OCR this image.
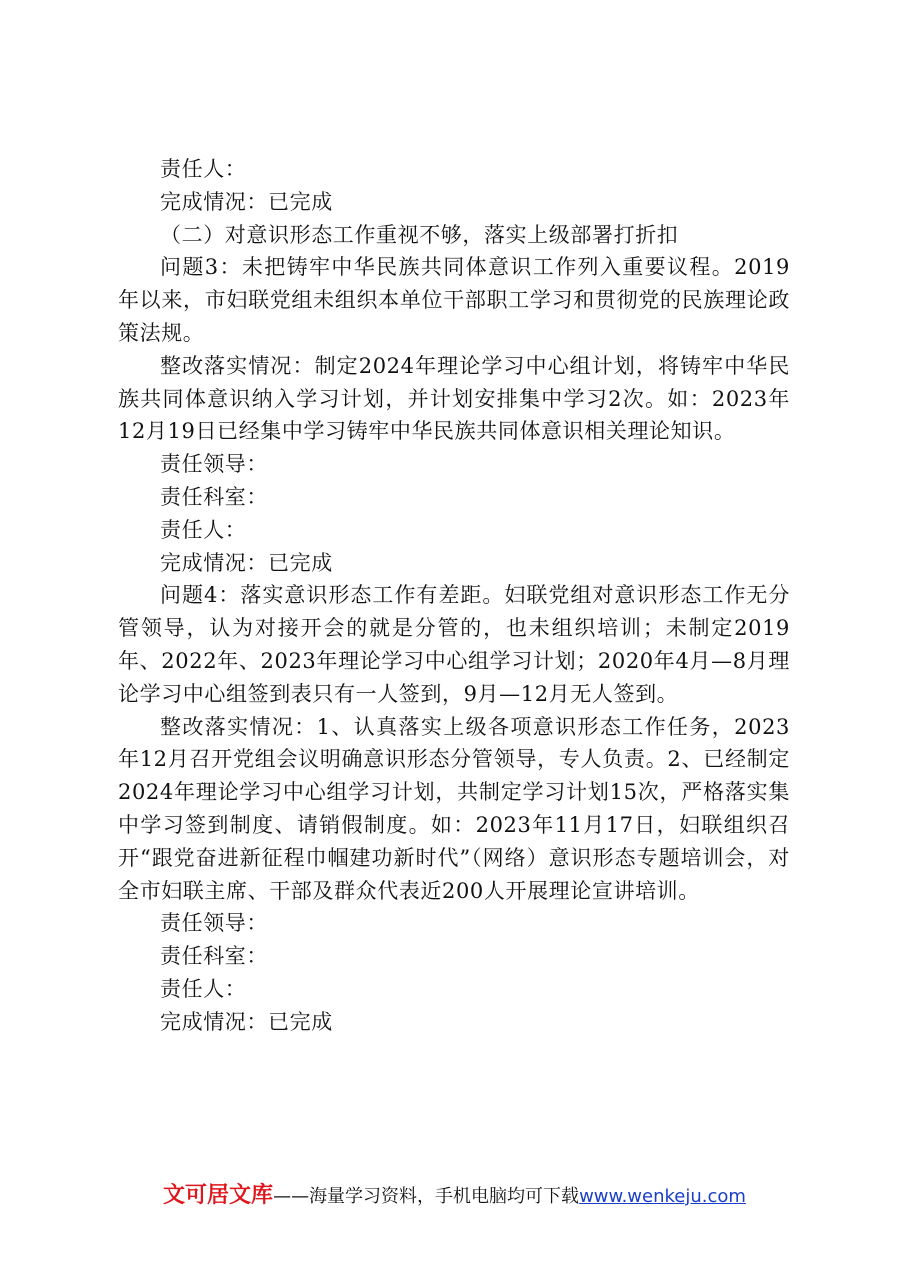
责任人：

完成情况：已完成

（二）对意识形态工作重视不够，落实上级部署打折扣

问题3：未把铸牢中华民族共同体意识工作列入重要议程。2019年以来，市妇联党组未组织本单位干部职工学习和贯彻党的民族理论政策法规。

整改落实情况：制定2024年理论学习中心组计划，将铸牢中华民族共同体意识纳入学习计划，并计划安排集中学习2次。如：2023年12月19日已经集中学习铸牢中华民族共同体意识相关理论知识。

责任领导：

责任科室：

责任人：

完成情况：已完成

问题4：落实意识形态工作有差距。妇联党组对意识形态工作无分管领导，认为对接开会的就是分管的，也未组织培训；未制定2019年、2022年、2023年理论学习中心组学习计划；2020年4月—8月理论学习中心组签到表只有一人签到，9月—12月无人签到。

整改落实情况：1、认真落实上级各项意识形态工作任务，2023年12月召开党组会议明确意识形态分管领导，专人负责。2、已经制定2024年理论学习中心组学习计划，共制定学习计划15次，严格落实集中学习签到制度、请销假制度。如：2023年11月17日，妇联组织召开“跟党奋进新征程巾帼建功新时代”（网络）意识形态专题培训会，对全市妇联主席、干部及群众代表近200人开展理论宣讲培训。

责任领导：

责任科室：

责任人：

完成情况：已完成

文可居文库——海量学习资料，手机电脑均可下载www.wenkeju.com
